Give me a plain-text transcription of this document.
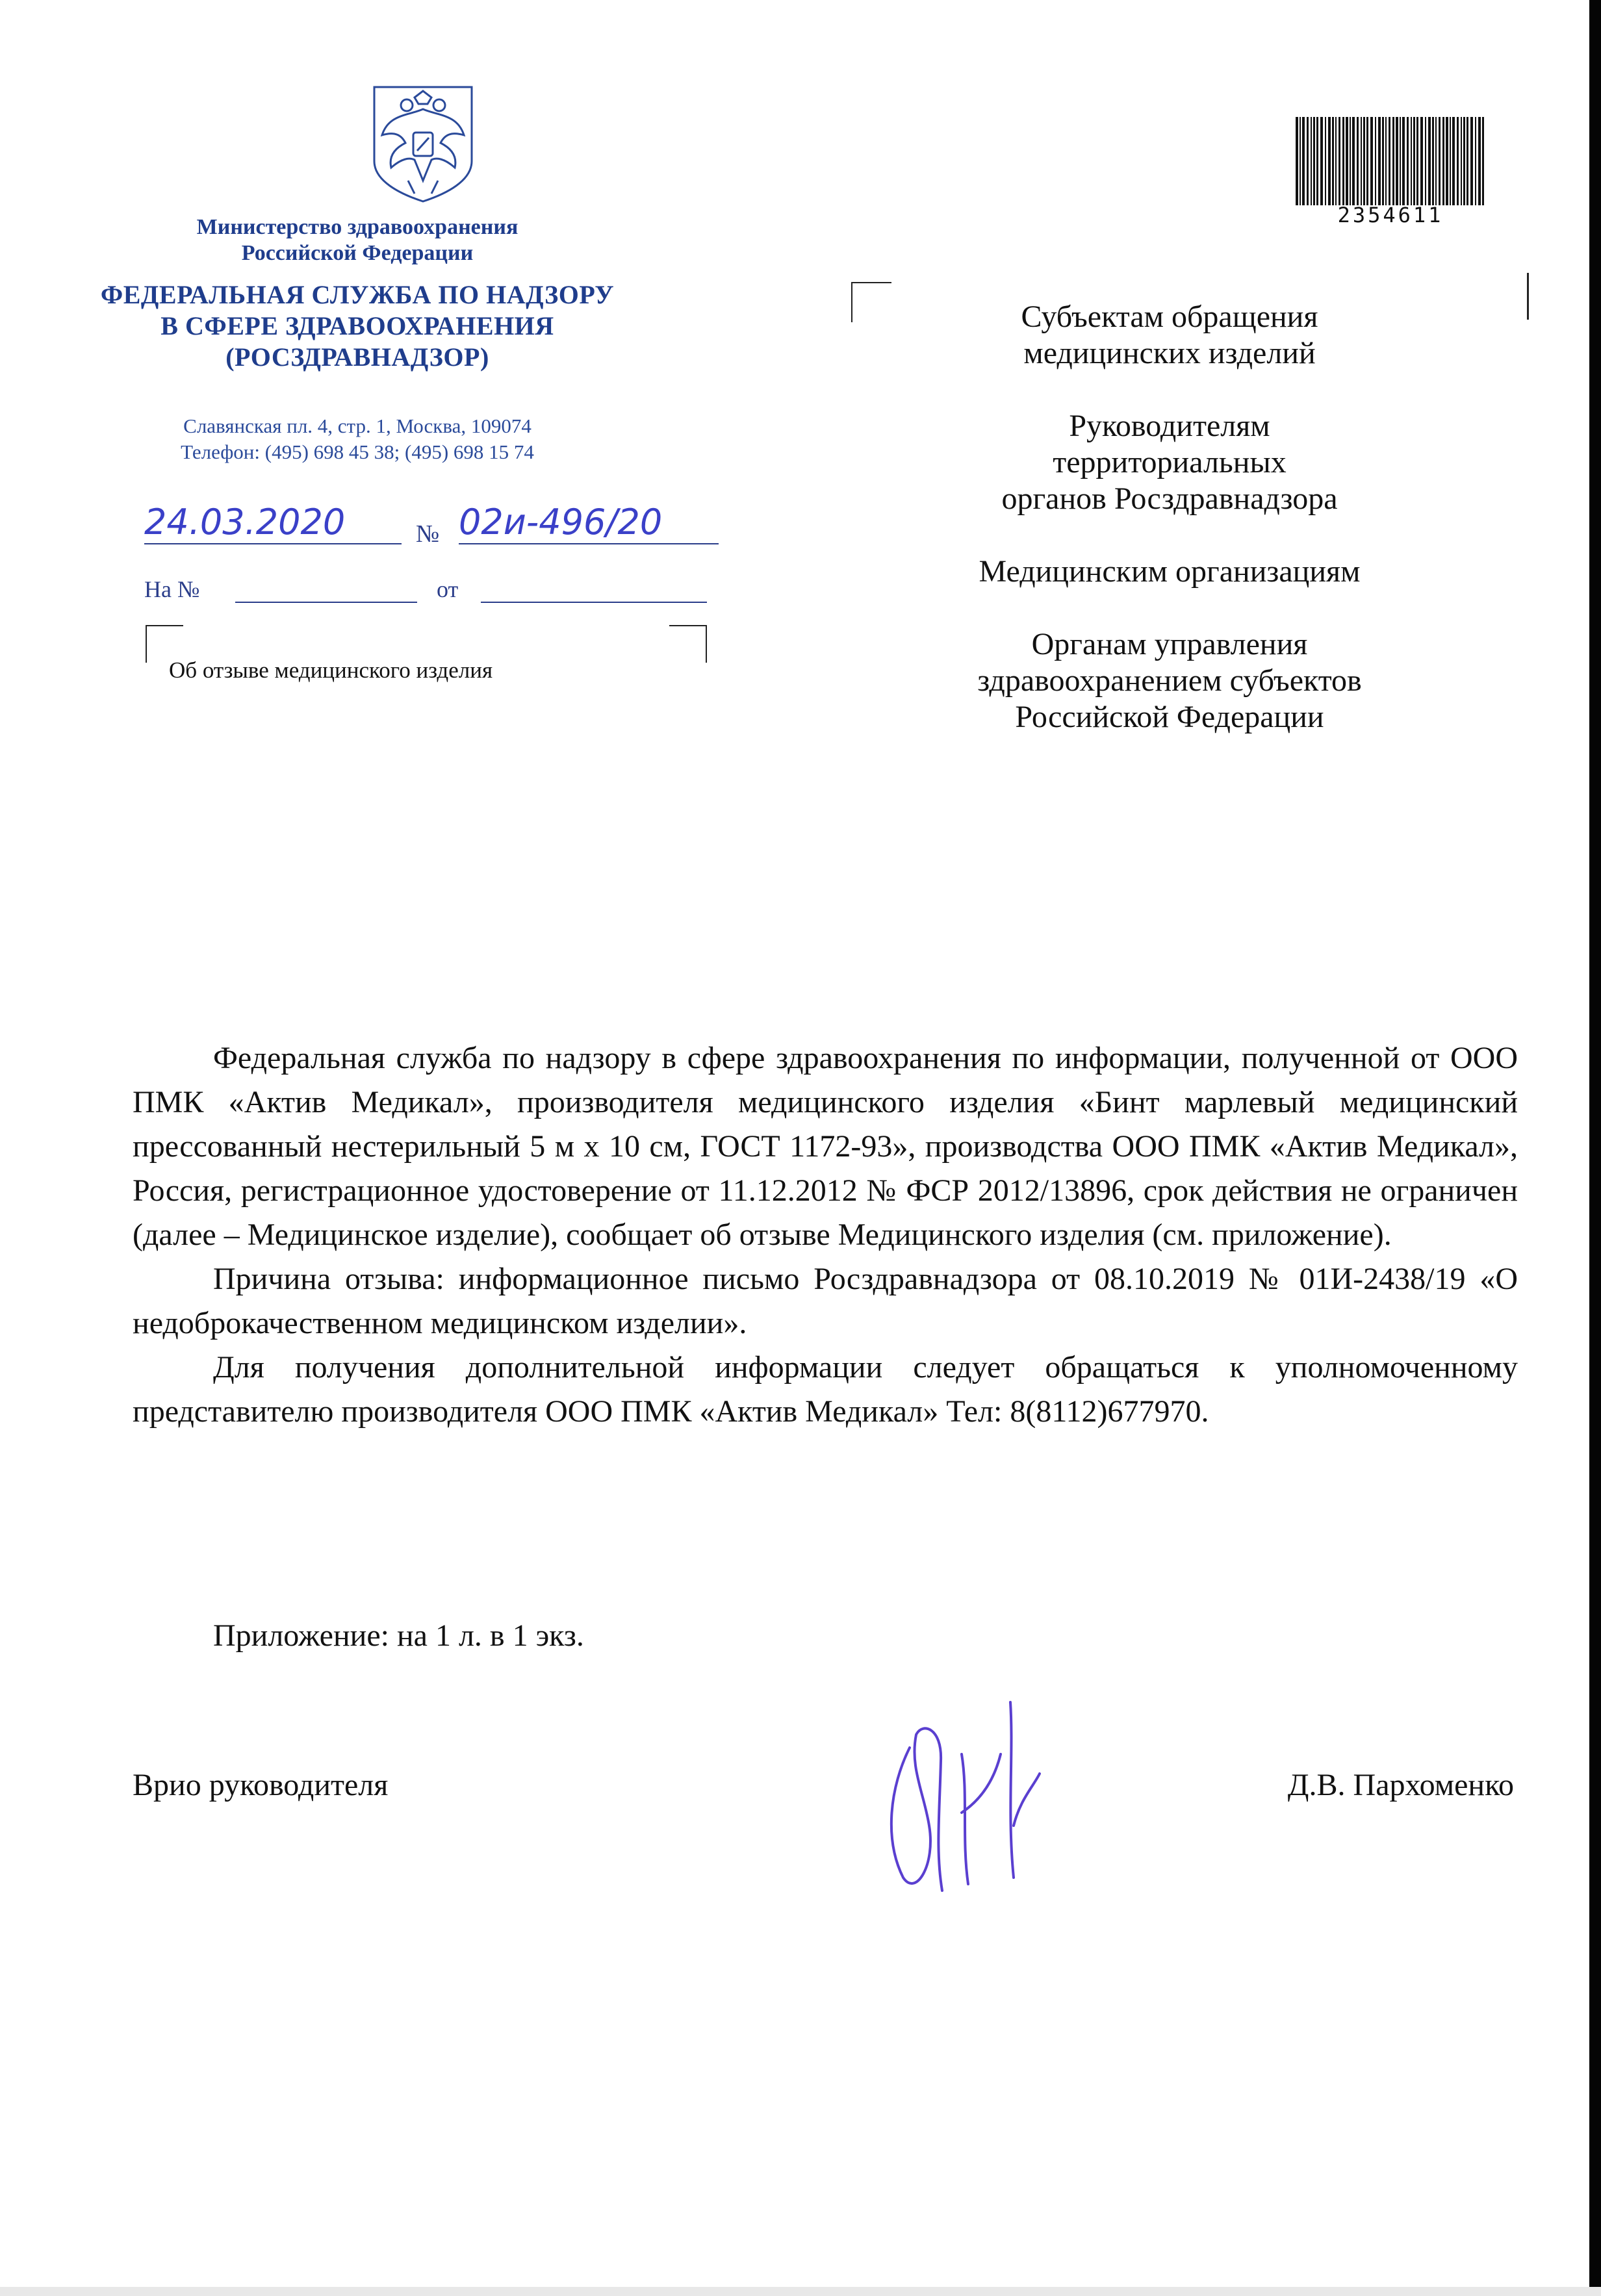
Министерство здравоохранения
Российской Федерации
ФЕДЕРАЛЬНАЯ СЛУЖБА ПО НАДЗОРУ
В СФЕРЕ ЗДРАВООХРАНЕНИЯ
(РОСЗДРАВНАДЗОР)
Славянская пл. 4, стр. 1, Москва, 109074
Телефон: (495) 698 45 38; (495) 698 15 74
24.03.2020	№ 02и-496/20
На №	от
Об отзыве медицинского изделия
2354611
Субъектам обращения
медицинских изделий
Руководителям
территориальных
органов Росздравнадзора
Медицинским организациям
Органам управления
здравоохранением субъектов
Российской Федерации

Федеральная служба по надзору в сфере здравоохранения по информации, полученной от ООО ПМК «Актив Медикал», производителя медицинского изделия «Бинт марлевый медицинский прессованный нестерильный 5 м х 10 см, ГОСТ 1172-93», производства ООО ПМК «Актив Медикал», Россия, регистрационное удостоверение от 11.12.2012 № ФСР 2012/13896, срок действия не ограничен (далее – Медицинское изделие), сообщает об отзыве Медицинского изделия (см. приложение).

Причина отзыва: информационное письмо Росздравнадзора от 08.10.2019 № 01И-2438/19 «О недоброкачественном медицинском изделии».

Для получения дополнительной информации следует обращаться к уполномоченному представителю производителя ООО ПМК «Актив Медикал» Тел: 8(8112)677970.

Приложение: на 1 л. в 1 экз.
Врио руководителя	Д.В. Пархоменко
